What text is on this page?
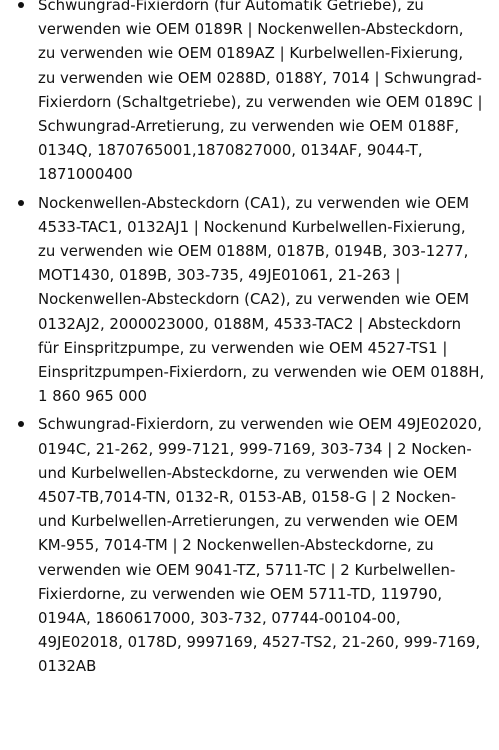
Schwungrad-Fixierdorn (für Automatik Getriebe), zu verwenden wie OEM 0189R | Nockenwellen-Absteckdorn, zu verwenden wie OEM 0189AZ | Kurbelwellen-Fixierung, zu verwenden wie OEM 0288D, 0188Y, 7014 | Schwungrad-Fixierdorn (Schaltgetriebe), zu verwenden wie OEM 0189C | Schwungrad-Arretierung, zu verwenden wie OEM 0188F, 0134Q, 1870765001,1870827000, 0134AF, 9044-T, 1871000400
Nockenwellen-Absteckdorn (CA1), zu verwenden wie OEM 4533-TAC1, 0132AJ1 | Nockenund Kurbelwellen-Fixierung, zu verwenden wie OEM 0188M, 0187B, 0194B, 303-1277, MOT1430, 0189B, 303-735, 49JE01061, 21-263 | Nockenwellen-Absteckdorn (CA2), zu verwenden wie OEM 0132AJ2, 2000023000, 0188M, 4533-TAC2 | Absteckdorn für Einspritzpumpe, zu verwenden wie OEM 4527-TS1 | Einspritzpumpen-Fixierdorn, zu verwenden wie OEM 0188H, 1 860 965 000
Schwungrad-Fixierdorn, zu verwenden wie OEM 49JE02020, 0194C, 21-262, 999-7121, 999-7169, 303-734 | 2 Nocken- und Kurbelwellen-Absteckdorne, zu verwenden wie OEM 4507-TB,7014-TN, 0132-R, 0153-AB, 0158-G | 2 Nocken- und Kurbelwellen-Arretierungen, zu verwenden wie OEM KM-955, 7014-TM | 2 Nockenwellen-Absteckdorne, zu verwenden wie OEM 9041-TZ, 5711-TC | 2 Kurbelwellen-Fixierdorne, zu verwenden wie OEM 5711-TD, 119790, 0194A, 1860617000, 303-732, 07744-00104-00, 49JE02018, 0178D, 9997169, 4527-TS2, 21-260, 999-7169, 0132AB
